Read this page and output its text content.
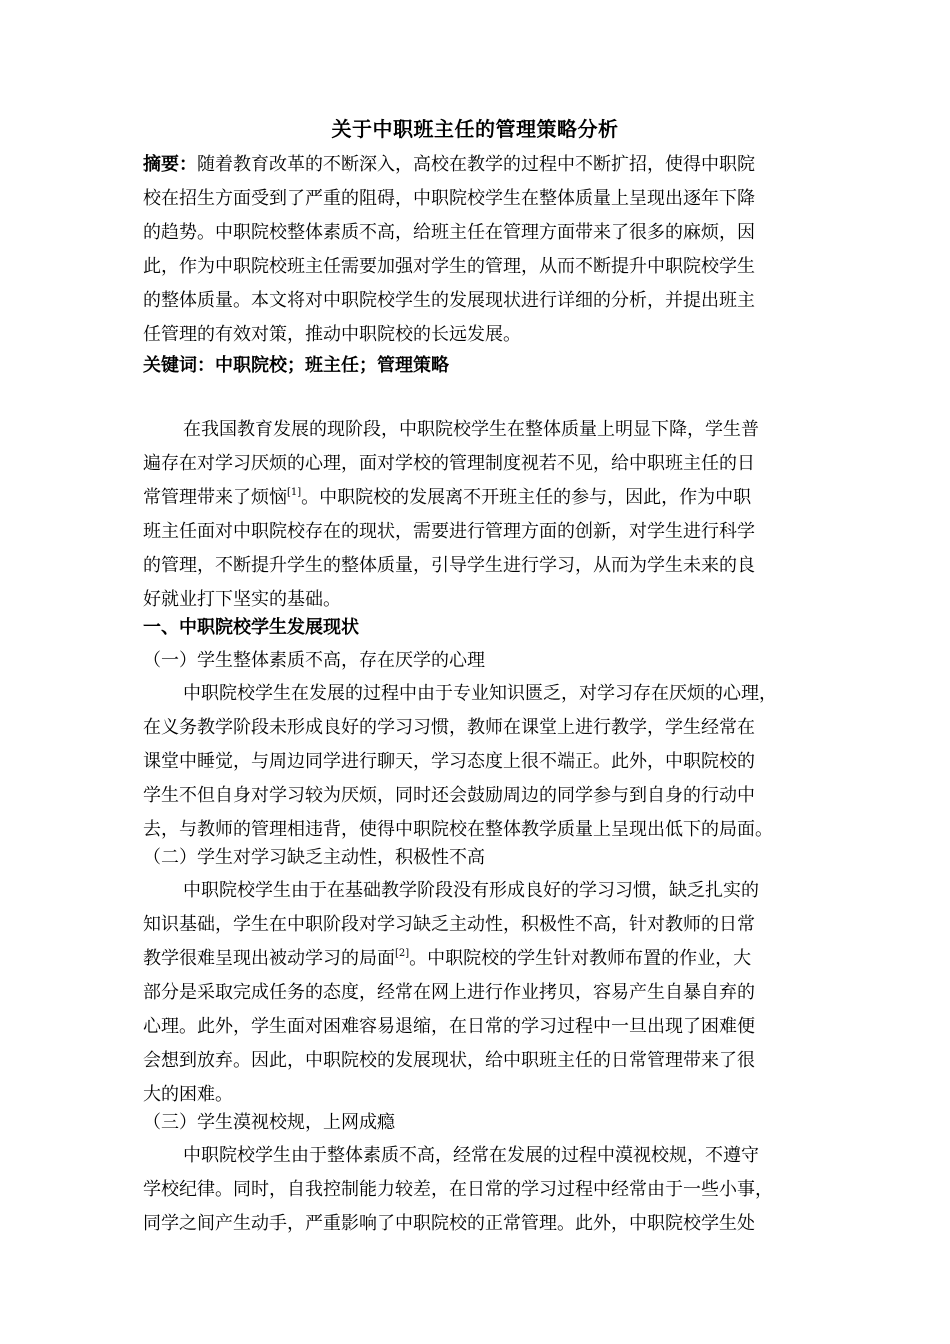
关于中职班主任的管理策略分析
摘要：随着教育改革的不断深入，高校在教学的过程中不断扩招，使得中职院
校在招生方面受到了严重的阻碍，中职院校学生在整体质量上呈现出逐年下降
的趋势。中职院校整体素质不高，给班主任在管理方面带来了很多的麻烦，因
此，作为中职院校班主任需要加强对学生的管理，从而不断提升中职院校学生
的整体质量。本文将对中职院校学生的发展现状进行详细的分析，并提出班主
任管理的有效对策，推动中职院校的长远发展。
关键词：中职院校；班主任；管理策略
在我国教育发展的现阶段，中职院校学生在整体质量上明显下降，学生普
遍存在对学习厌烦的心理，面对学校的管理制度视若不见，给中职班主任的日
常管理带来了烦恼[1]。中职院校的发展离不开班主任的参与，因此，作为中职
班主任面对中职院校存在的现状，需要进行管理方面的创新，对学生进行科学
的管理，不断提升学生的整体质量，引导学生进行学习，从而为学生未来的良
好就业打下坚实的基础。
一、中职院校学生发展现状
（一）学生整体素质不高，存在厌学的心理
中职院校学生在发展的过程中由于专业知识匮乏，对学习存在厌烦的心理，
在义务教学阶段未形成良好的学习习惯，教师在课堂上进行教学，学生经常在
课堂中睡觉，与周边同学进行聊天，学习态度上很不端正。此外，中职院校的
学生不但自身对学习较为厌烦，同时还会鼓励周边的同学参与到自身的行动中
去，与教师的管理相违背，使得中职院校在整体教学质量上呈现出低下的局面。
（二）学生对学习缺乏主动性，积极性不高
中职院校学生由于在基础教学阶段没有形成良好的学习习惯，缺乏扎实的
知识基础，学生在中职阶段对学习缺乏主动性，积极性不高，针对教师的日常
教学很难呈现出被动学习的局面[2]。中职院校的学生针对教师布置的作业，大
部分是采取完成任务的态度，经常在网上进行作业拷贝，容易产生自暴自弃的
心理。此外，学生面对困难容易退缩，在日常的学习过程中一旦出现了困难便
会想到放弃。因此，中职院校的发展现状，给中职班主任的日常管理带来了很
大的困难。
（三）学生漠视校规，上网成瘾
中职院校学生由于整体素质不高，经常在发展的过程中漠视校规，不遵守
学校纪律。同时，自我控制能力较差，在日常的学习过程中经常由于一些小事，
同学之间产生动手，严重影响了中职院校的正常管理。此外，中职院校学生处
